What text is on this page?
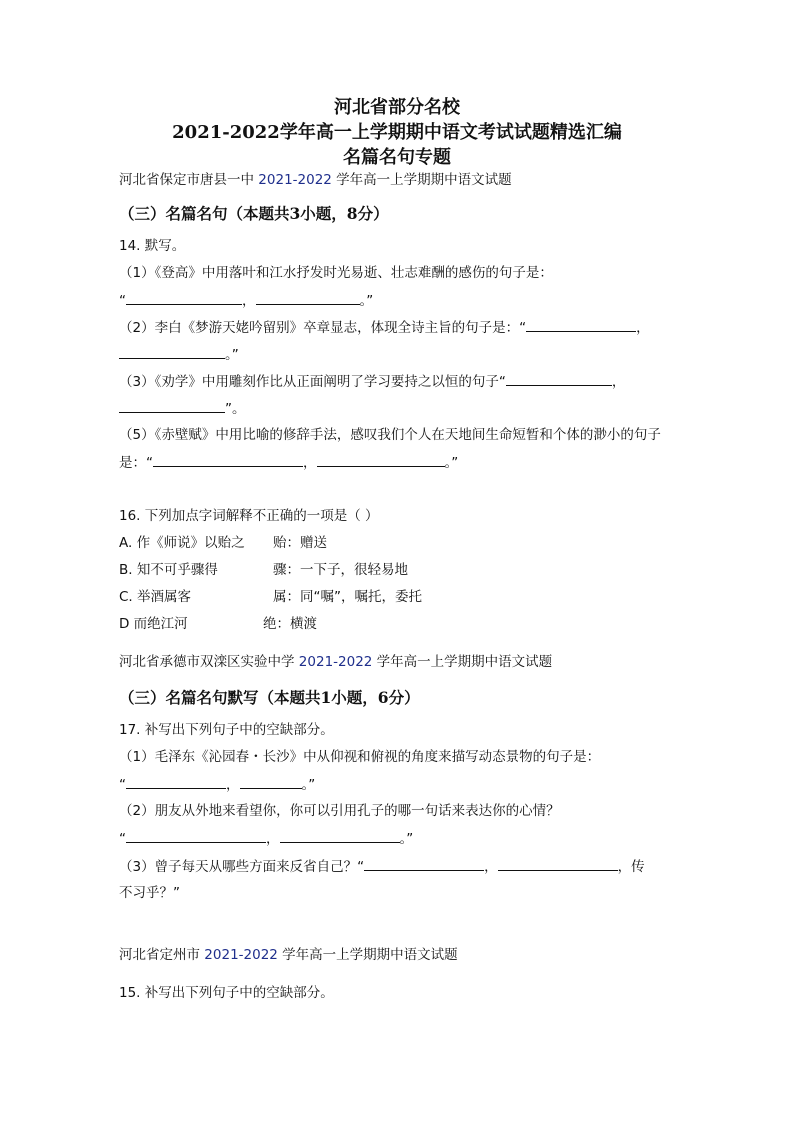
河北省部分名校
2021-2022学年高一上学期期中语文考试试题精选汇编
名篇名句专题
河北省保定市唐县一中 2021-2022 学年高一上学期期中语文试题
（三）名篇名句（本题共3小题，8分）
14. 默写。
（1）《登高》中用落叶和江水抒发时光易逝、壮志难酬的感伤的句子是：
“	，	。”
（2）李白《梦游天姥吟留别》卒章显志，体现全诗主旨的句子是：“	，
。”
（3）《劝学》中用雕刻作比从正面阐明了学习要持之以恒的句子“	，
”。
（5）《赤壁赋》中用比喻的修辞手法，感叹我们个人在天地间生命短暂和个体的渺小的句子
是：“	，	。”
16. 下列加点字词解释不正确的一项是（ ）
A. 作《师说》以贻之 贻：赠送
B. 知不可乎骤得	骤：一下子，很轻易地
C. 举酒属客	属：同“嘱”，嘱托，委托
D 而绝江河	绝：横渡
河北省承德市双滦区实验中学 2021-2022 学年高一上学期期中语文试题
（三）名篇名句默写（本题共1小题，6分）
17. 补写出下列句子中的空缺部分。
（1）毛泽东《沁园春・长沙》中从仰视和俯视的角度来描写动态景物的句子是：
“	，	。”
（2）朋友从外地来看望你，你可以引用孔子的哪一句话来表达你的心情？
“	，	。”
（3）曾子每天从哪些方面来反省自己？“	，	，传
不习乎？”
河北省定州市 2021-2022 学年高一上学期期中语文试题
15. 补写出下列句子中的空缺部分。
